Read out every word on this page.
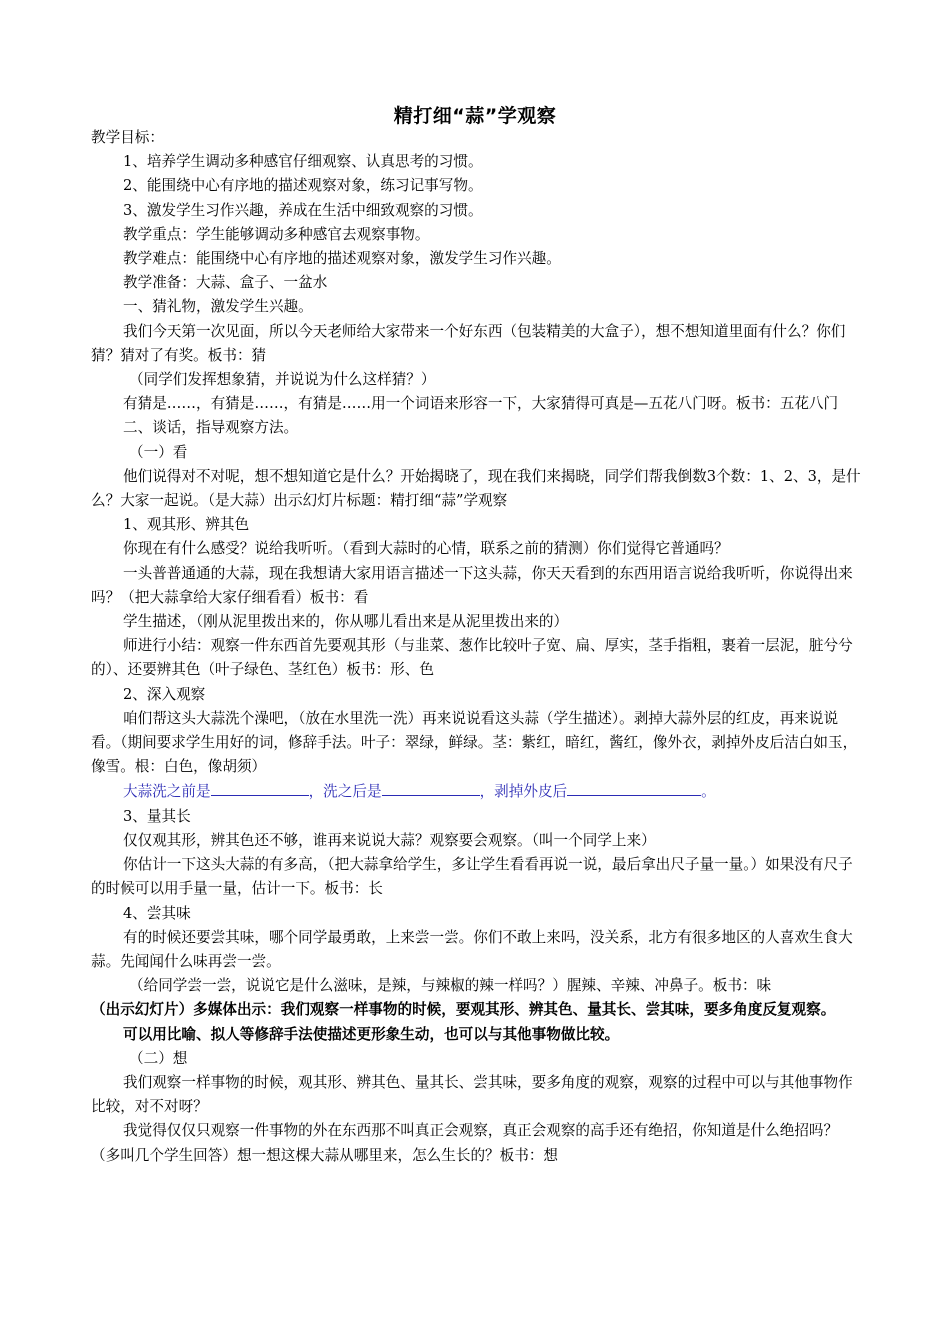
精打细“蒜”学观察

教学目标：

1、培养学生调动多种感官仔细观察、认真思考的习惯。

2、能围绕中心有序地的描述观察对象，练习记事写物。

3、激发学生习作兴趣，养成在生活中细致观察的习惯。

教学重点：学生能够调动多种感官去观察事物。

教学难点：能围绕中心有序地的描述观察对象，激发学生习作兴趣。

教学准备：大蒜、盒子、一盆水

一、猜礼物，激发学生兴趣。

我们今天第一次见面，所以今天老师给大家带来一个好东西（包装精美的大盒子），想不想知道里面有什么？你们猜？猜对了有奖。板书：猜

（同学们发挥想象猜，并说说为什么这样猜？）

有猜是……，有猜是……，有猜是……用一个词语来形容一下，大家猜得可真是—五花八门呀。板书：五花八门

二、谈话，指导观察方法。

（一）看

他们说得对不对呢，想不想知道它是什么？开始揭晓了，现在我们来揭晓，同学们帮我倒数3个数：1、2、3，是什么？大家一起说。（是大蒜）出示幻灯片标题：精打细“蒜”学观察

1、观其形、辨其色

你现在有什么感受？说给我听听。（看到大蒜时的心情，联系之前的猜测）你们觉得它普通吗？

一头普普通通的大蒜，现在我想请大家用语言描述一下这头蒜，你天天看到的东西用语言说给我听听，你说得出来吗？（把大蒜拿给大家仔细看看）板书：看

学生描述，（刚从泥里拨出来的，你从哪儿看出来是从泥里拨出来的）

师进行小结：观察一件东西首先要观其形（与韭菜、葱作比较叶子宽、扁、厚实，茎手指粗，裹着一层泥，脏兮兮的）、还要辨其色（叶子绿色、茎红色）板书：形、色

2、深入观察

咱们帮这头大蒜洗个澡吧，（放在水里洗一洗）再来说说看这头蒜（学生描述）。剥掉大蒜外层的红皮，再来说说看。（期间要求学生用好的词，修辞手法。叶子：翠绿，鲜绿。茎：紫红，暗红，酱红，像外衣，剥掉外皮后洁白如玉，像雪。根：白色，像胡须）

大蒜洗之前是	，洗之后是	，剥掉外皮后	。

3、量其长

仅仅观其形，辨其色还不够，谁再来说说大蒜？观察要会观察。（叫一个同学上来）

你估计一下这头大蒜的有多高，（把大蒜拿给学生，多让学生看看再说一说，最后拿出尺子量一量。）如果没有尺子的时候可以用手量一量，估计一下。板书：长

4、尝其味

有的时候还要尝其味，哪个同学最勇敢，上来尝一尝。你们不敢上来吗，没关系，北方有很多地区的人喜欢生食大蒜。先闻闻什么味再尝一尝。

（给同学尝一尝，说说它是什么滋味，是辣，与辣椒的辣一样吗？）腥辣、辛辣、冲鼻子。板书：味

（出示幻灯片）多媒体出示：我们观察一样事物的时候，要观其形、辨其色、量其长、尝其味，要多角度反复观察。

可以用比喻、拟人等修辞手法使描述更形象生动，也可以与其他事物做比较。

（二）想

我们观察一样事物的时候，观其形、辨其色、量其长、尝其味，要多角度的观察，观察的过程中可以与其他事物作比较，对不对呀？

我觉得仅仅只观察一件事物的外在东西那不叫真正会观察，真正会观察的高手还有绝招，你知道是什么绝招吗？（多叫几个学生回答）想一想这棵大蒜从哪里来，怎么生长的？板书：想
